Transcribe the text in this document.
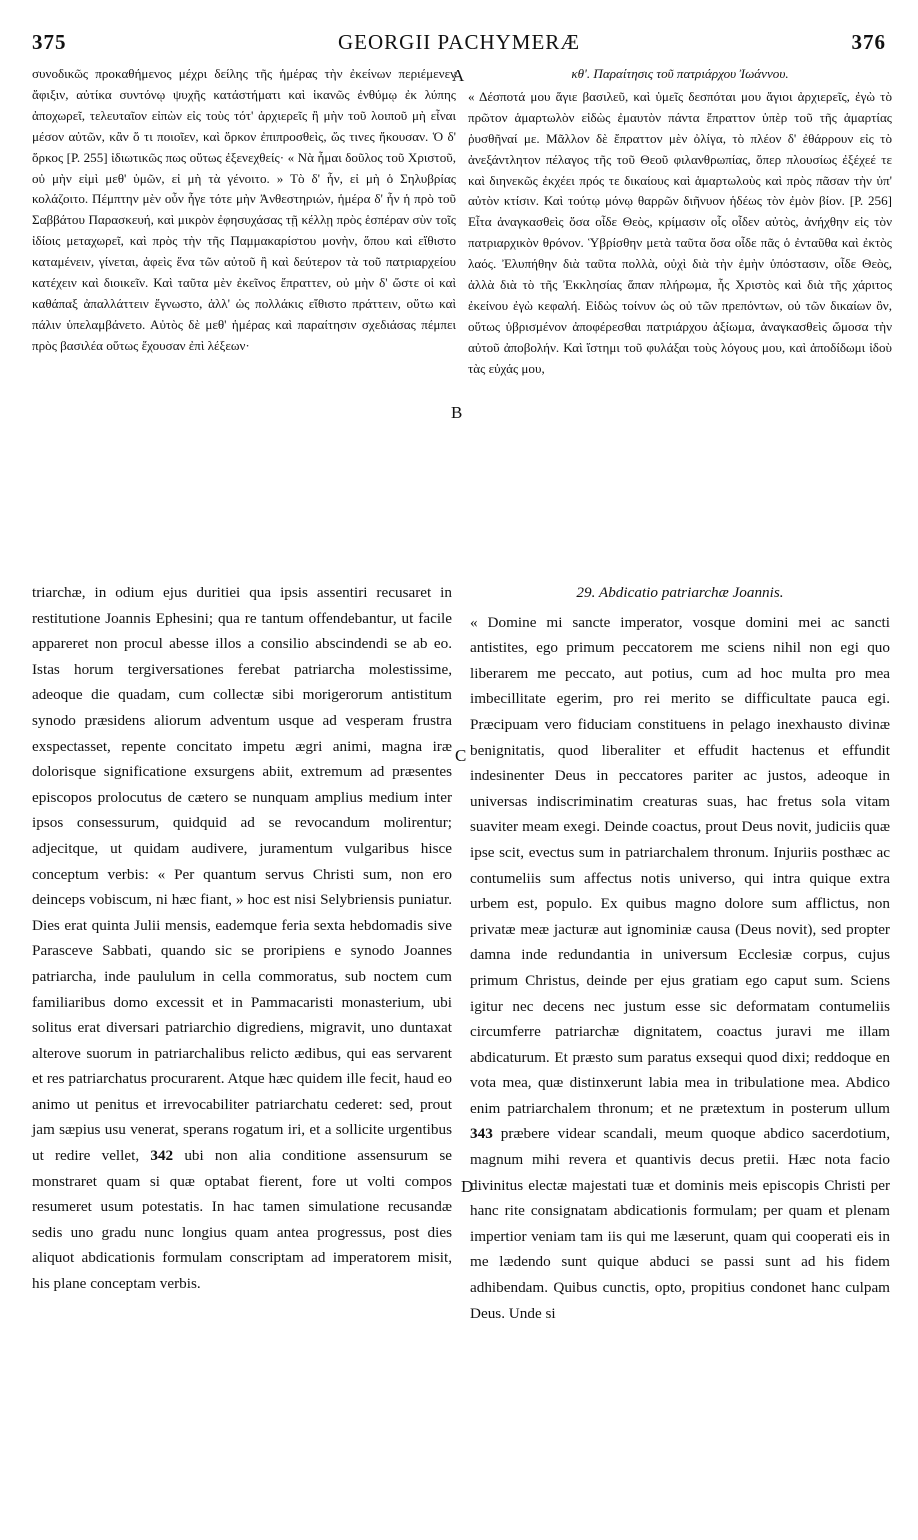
375	GEORGII PACHYMERÆ	376

συνοδικῶς προκαθήμενος μέχρι δείλης τῆς ἡμέρας τὴν ἐκείνων περιέμενεν ἄφιξιν, αὐτίκα συντόνῳ ψυχῆς κατάστήματι καὶ ἱκανῶς ἐνθύμῳ ἐκ λύπης ἀποχωρεῖ, τελευταῖον εἰπὼν εἰς τοὺς τότ' ἀρχιερεῖς ἢ μὴν τοῦ λοιποῦ μὴ εἶναι μέσον αὐτῶν, κἂν ὅ τι ποιοῖεν, καὶ ὅρκον ἐπιπροσθεὶς, ὥς τινες ἤκουσαν. Ὁ δ' ὅρκος [P. 255] ἰδιωτικῶς πως οὕτως ἐξενεχθείς· « Νὰ ἦμαι δοῦλος τοῦ Χριστοῦ, οὐ μὴν εἰμὶ μεθ' ὑμῶν, εἰ μὴ τὰ γένοιτο. » Τὸ δ' ἦν, εἰ μὴ ὁ Σηλυβρίας κολάζοιτο. Πέμπτην μὲν οὖν ἦγε τότε μὴν Ἀνθεστηριών, ἡμέρα δ' ἦν ἡ πρὸ τοῦ Σαββάτου Παρασκευή, καὶ μικρὸν ἐφησυχάσας τῇ κέλλῃ πρὸς ἑσπέραν σὺν τοῖς ἰδίοις μεταχωρεῖ, καὶ πρὸς τὴν τῆς Παμμακαρίστου μονὴν, ὅπου καὶ εἴθιστο καταμένειν, γίνεται, ἀφεὶς ἕνα τῶν αὐτοῦ ἢ καὶ δεύτερον τὰ τοῦ πατριαρχείου κατέχειν καὶ διοικεῖν. Καὶ ταῦτα μὲν ἐκεῖνος ἔπραττεν, οὐ μὴν δ' ὥστε οἱ καὶ καθάπαξ ἀπαλλάττειν ἔγνωστο, ἀλλ' ὡς πολλάκις εἴθιστο πράττειν, οὕτω καὶ πάλιν ὑπελαμβάνετο. Αὐτὸς δὲ μεθ' ἡμέρας καὶ παραίτησιν σχεδιάσας πέμπει πρὸς βασιλέα οὕτως ἔχουσαν ἐπὶ λέξεων·

κθ'. Παραίτησις τοῦ πατριάρχου Ἰωάννου.

« Δέσποτά μου ἅγιε βασιλεῦ, καὶ ὑμεῖς δεσπόται μου ἅγιοι ἀρχιερεῖς, ἐγὼ τὸ πρῶτον ἁμαρτωλὸν εἰδὼς ἐμαυτὸν πάντα ἔπραττον ὑπὲρ τοῦ τῆς ἁμαρτίας ῥυσθῆναί με. Μᾶλλον δὲ ἔπραττον μὲν ὀλίγα, τὸ πλέον δ' ἐθάρρουν εἰς τὸ ἀνεξάντλητον πέλαγος τῆς τοῦ Θεοῦ φιλανθρωπίας, ὅπερ πλουσίως ἐξέχεέ τε καὶ διηνεκῶς ἐκχέει πρός τε δικαίους καὶ ἁμαρτωλοὺς καὶ πρὸς πᾶσαν τὴν ὑπ' αὐτὸν κτίσιν. Καὶ τούτῳ μόνῳ θαρρῶν διῆνυον ἡδέως τὸν ἐμὸν βίον. [P. 256] Εἶτα ἀναγκασθεὶς ὅσα οἶδε Θεὸς, κρίμασιν οἷς οἶδεν αὐτὸς, ἀνήχθην εἰς τὸν πατριαρχικὸν θρόνον. Ὑβρίσθην μετὰ ταῦτα ὅσα οἶδε πᾶς ὁ ἐνταῦθα καὶ ἐκτὸς λαός. Ἐλυπήθην διὰ ταῦτα πολλὰ, οὐχὶ διὰ τὴν ἐμὴν ὑπόστασιν, οἶδε Θεὸς, ἀλλὰ διὰ τὸ τῆς Ἐκκλησίας ἅπαν πλήρωμα, ἧς Χριστὸς καὶ διὰ τῆς χάριτος ἐκείνου ἐγὼ κεφαλή. Εἰδὼς τοίνυν ὡς οὐ τῶν πρεπόντων, οὐ τῶν δικαίων ὂν, οὕτως ὑβρισμένον ἀποφέρεσθαι πατριάρχου ἀξίωμα, ἀναγκασθεὶς ὤμοσα τὴν αὐτοῦ ἀποβολήν. Καὶ ἵστημι τοῦ φυλάξαι τοὺς λόγους μου, καὶ ἀποδίδωμι ἰδοὺ τὰς εὐχάς μου,

triarchæ, in odium ejus duritiei qua ipsis assentiri recusaret in restitutione Joannis Ephesini; qua re tantum offendebantur, ut facile appareret non procul abesse illos a consilio abscindendi se ab eo. Istas horum tergiversationes ferebat patriarcha molestissime, adeoque die quadam, cum collectæ sibi morigerorum antistitum synodo præsidens aliorum adventum usque ad vesperam frustra exspectasset, repente concitato impetu ægri animi, magna iræ dolorisque significatione exsurgens abiit, extremum ad præsentes episcopos prolocutus de cætero se nunquam amplius medium inter ipsos consessurum, quidquid ad se revocandum molirentur; adjecitque, ut quidam audivere, juramentum vulgaribus hisce conceptum verbis: « Per quantum servus Christi sum, non ero deinceps vobiscum, ni hæc fiant, » hoc est nisi Selybriensis puniatur. Dies erat quinta Julii mensis, eademque feria sexta hebdomadis sive Parasceve Sabbati, quando sic se proripiens e synodo Joannes patriarcha, inde paululum in cella commoratus, sub noctem cum familiaribus domo excessit et in Pammacaristi monasterium, ubi solitus erat diversari patriarchio digrediens, migravit, uno duntaxat alterove suorum in patriarchalibus relicto ædibus, qui eas servarent et res patriarchatus procurarent. Atque hæc quidem ille fecit, haud eo animo ut penitus et irrevocabiliter patriarchatu cederet: sed, prout jam sæpius usu venerat, sperans rogatum iri, et a sollicite urgentibus ut redire vellet, 342 ubi non alia conditione assensurum se monstraret quam si quæ optabat fierent, fore ut volti compos resumeret usum potestatis. In hac tamen simulatione recusandæ sedis uno gradu nunc longius quam antea progressus, post dies aliquot abdicationis formulam conscriptam ad imperatorem misit, his plane conceptam verbis.

29. Abdicatio patriarchæ Joannis.

« Domine mi sancte imperator, vosque domini mei ac sancti antistites, ego primum peccatorem me sciens nihil non egi quo liberarem me peccato, aut potius, cum ad hoc multa pro mea imbecillitate egerim, pro rei merito se difficultate pauca egi. Præcipuam vero fiduciam constituens in pelago inexhausto divinæ benignitatis, quod liberaliter et effudit hactenus et effundit indesinenter Deus in peccatores pariter ac justos, adeoque in universas indiscriminatim creaturas suas, hac fretus sola vitam suaviter meam exegi. Deinde coactus, prout Deus novit, judiciis quæ ipse scit, evectus sum in patriarchalem thronum. Injuriis posthæc ac contumeliis sum affectus notis universo, qui intra quique extra urbem est, populo. Ex quibus magno dolore sum afflictus, non privatæ meæ jacturæ aut ignominiæ causa (Deus novit), sed propter damna inde redundantia in universum Ecclesiæ corpus, cujus primum Christus, deinde per ejus gratiam ego caput sum. Sciens igitur nec decens nec justum esse sic deformatam contumeliis circumferre patriarchæ dignitatem, coactus juravi me illam abdicaturum. Et præsto sum paratus exsequi quod dixi; reddoque en vota mea, quæ distinxerunt labia mea in tribulatione mea. Abdico enim patriarchalem thronum; et ne prætextum in posterum ullum 343 præbere videar scandali, meum quoque abdico sacerdotium, magnum mihi revera et quantivis decus pretii. Hæc nota facio divinitus electæ majestati tuæ et dominis meis episcopis Christi per hanc rite consignatam abdicationis formulam; per quam et plenam impertior veniam tam iis qui me læserunt, quam qui cooperati eis in me lædendo sunt quique abduci se passi sunt ad his fidem adhibendam. Quibus cunctis, opto, propitius condonet hanc culpam Deus. Unde si

A
B
C
D
